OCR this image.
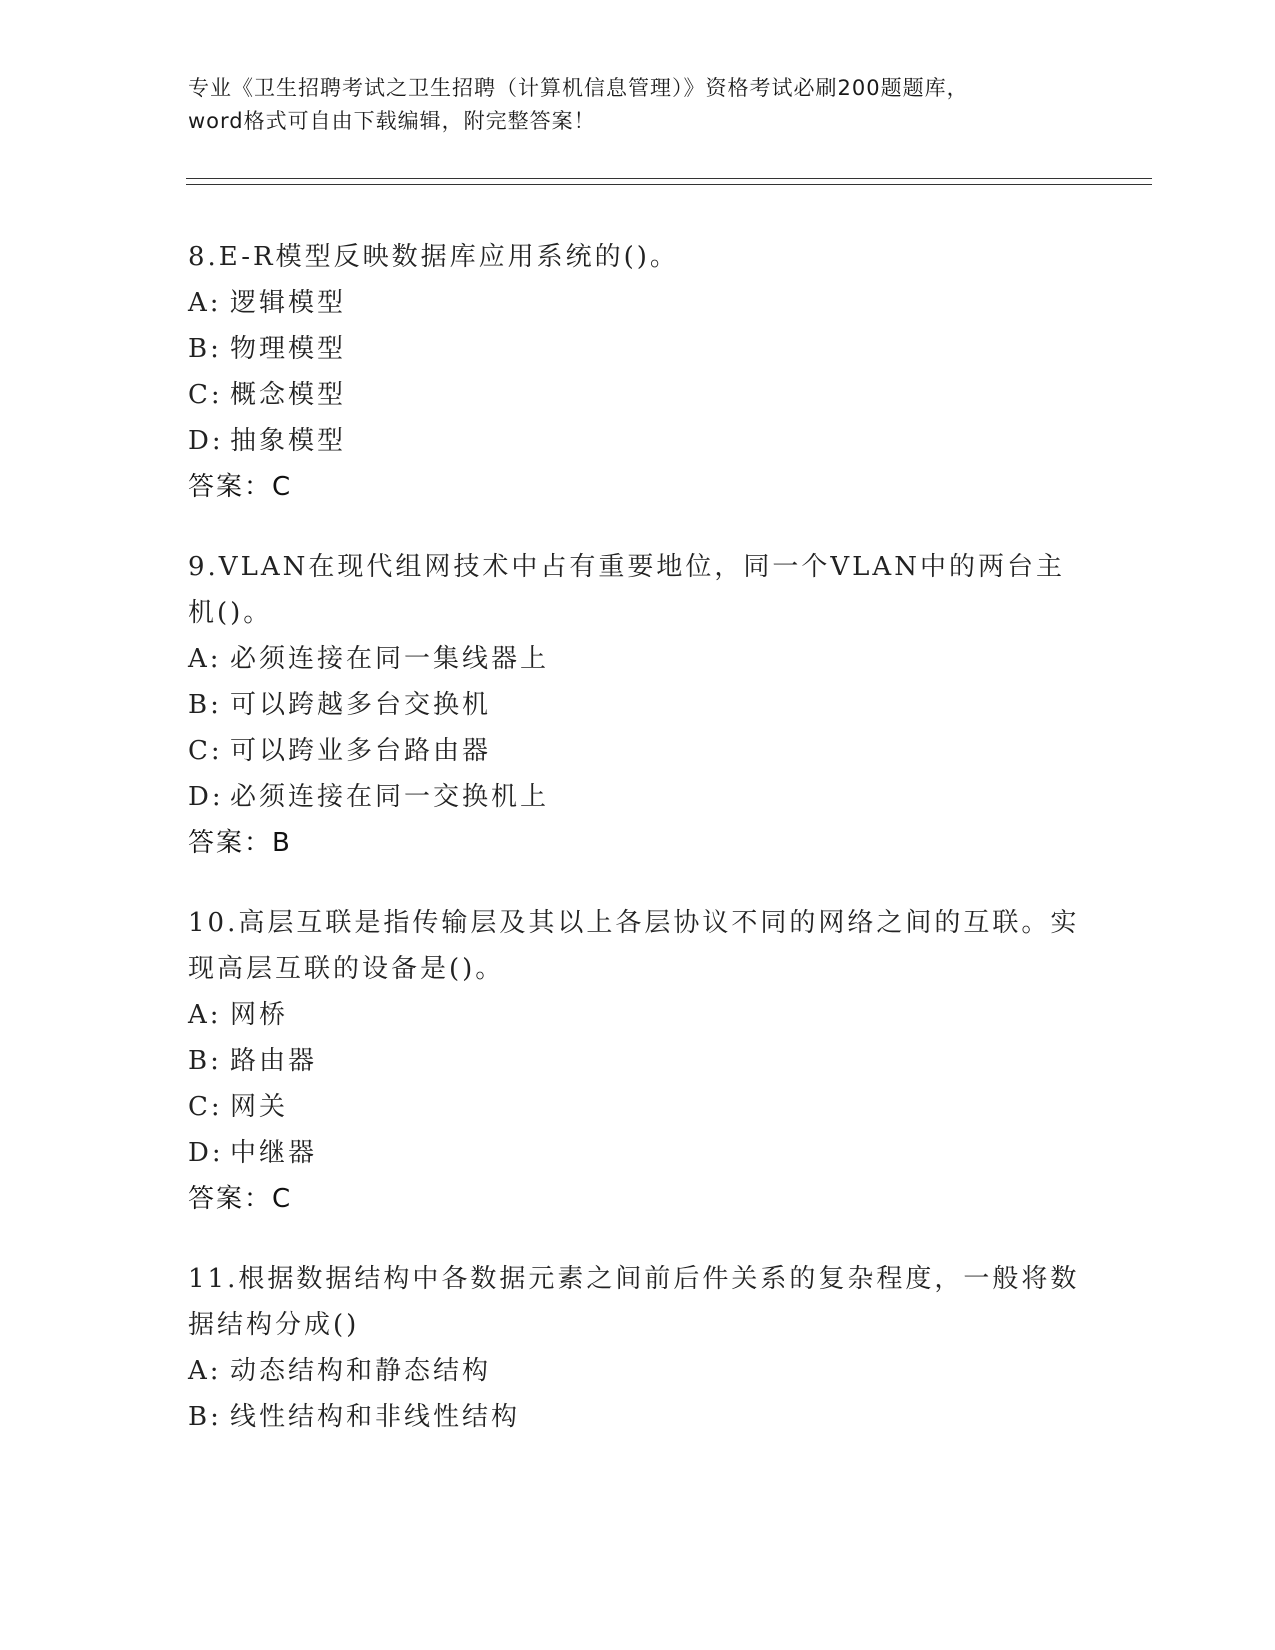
专业《卫生招聘考试之卫生招聘（计算机信息管理）》资格考试必刷200题题库，

word格式可自由下载编辑，附完整答案！

8.E-R模型反映数据库应用系统的()。

A: 逻辑模型

B: 物理模型

C: 概念模型

D: 抽象模型

答案：C

9.VLAN在现代组网技术中占有重要地位，同一个VLAN中的两台主机()。

A: 必须连接在同一集线器上

B: 可以跨越多台交换机

C: 可以跨业多台路由器

D: 必须连接在同一交换机上

答案：B

10.高层互联是指传输层及其以上各层协议不同的网络之间的互联。实现高层互联的设备是()。

A: 网桥

B: 路由器

C: 网关

D: 中继器

答案：C

11.根据数据结构中各数据元素之间前后件关系的复杂程度，一般将数据结构分成()

A: 动态结构和静态结构

B: 线性结构和非线性结构
